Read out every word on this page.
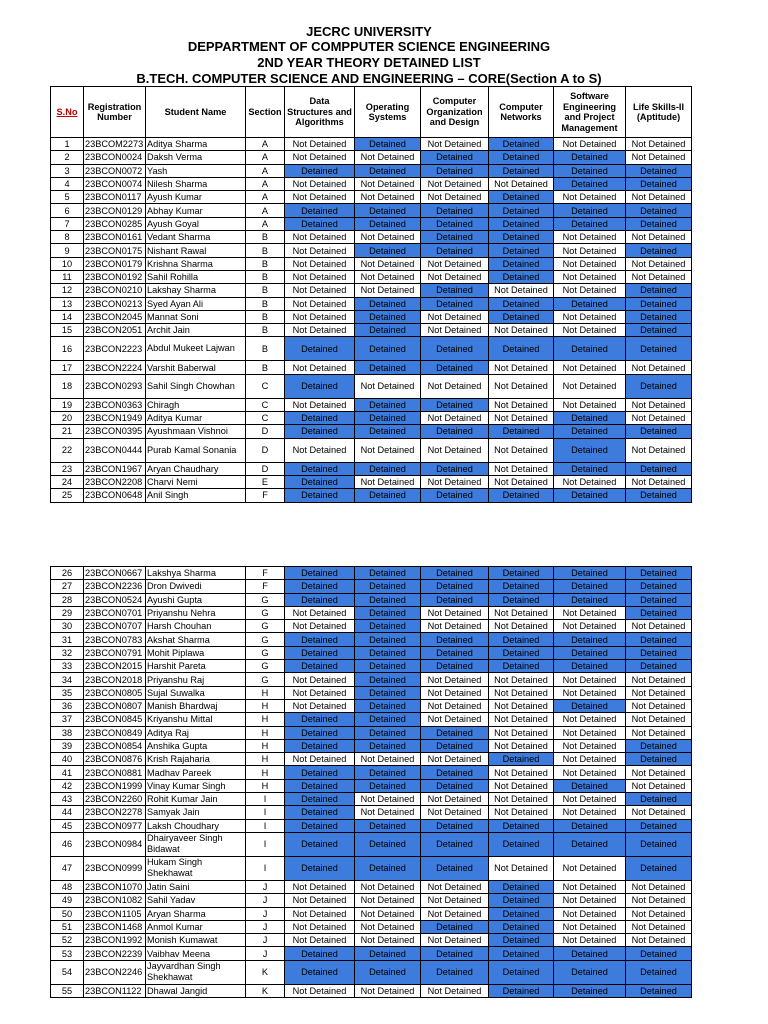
JECRC UNIVERSITY
DEPPARTMENT OF COMPPUTER SCIENCE ENGINEERING
2ND YEAR THEORY DETAINED LIST
B.TECH. COMPUTER SCIENCE AND ENGINEERING – CORE(Section A to S)
S.No	Registration Number	Student Name	Section	Data Structures and Algorithms	Operating Systems	Computer Organization and Design	Computer Networks	Software Engineering and Project Management	Life Skills-II (Aptitude)
1	23BCOM2273	Aditya Sharma	A	Not Detained	Detained	Not Detained	Detained	Not Detained	Not Detained
2	23BCON0024	Daksh Verma	A	Not Detained	Not Detained	Detained	Detained	Detained	Not Detained
3	23BCON0072	Yash	A	Detained	Detained	Detained	Detained	Detained	Detained
4	23BCON0074	Nilesh Sharma	A	Not Detained	Not Detained	Not Detained	Not Detained	Detained	Detained
5	23BCON0117	Ayush Kumar	A	Not Detained	Not Detained	Not Detained	Detained	Not Detained	Not Detained
6	23BCON0129	Abhay Kumar	A	Detained	Detained	Detained	Detained	Detained	Detained
7	23BCON0285	Ayush Goyal	A	Detained	Detained	Detained	Detained	Detained	Detained
8	23BCON0161	Vedant Sharma	B	Not Detained	Not Detained	Detained	Detained	Not Detained	Not Detained
9	23BCON0175	Nishant Rawal	B	Not Detained	Detained	Detained	Detained	Not Detained	Detained
10	23BCON0179	Krishna Sharma	B	Not Detained	Not Detained	Not Detained	Detained	Not Detained	Not Detained
11	23BCON0192	Sahil Rohilla	B	Not Detained	Not Detained	Not Detained	Detained	Not Detained	Not Detained
12	23BCON0210	Lakshay Sharma	B	Not Detained	Not Detained	Detained	Not Detained	Not Detained	Detained
13	23BCON0213	Syed Ayan Ali	B	Not Detained	Detained	Detained	Detained	Detained	Detained
14	23BCON2045	Mannat Soni	B	Not Detained	Detained	Not Detained	Detained	Not Detained	Detained
15	23BCON2051	Archit Jain	B	Not Detained	Detained	Not Detained	Not Detained	Not Detained	Detained
16	23BCON2223	Abdul Mukeet Lajwan	B	Detained	Detained	Detained	Detained	Detained	Detained
17	23BCON2224	Varshit Baberwal	B	Not Detained	Detained	Detained	Not Detained	Not Detained	Not Detained
18	23BCON0293	Sahil Singh Chowhan	C	Detained	Not Detained	Not Detained	Not Detained	Not Detained	Detained
19	23BCON0363	Chiragh	C	Not Detained	Detained	Detained	Not Detained	Not Detained	Not Detained
20	23BCON1949	Aditya Kumar	C	Detained	Detained	Not Detained	Not Detained	Detained	Not Detained
21	23BCON0395	Ayushmaan Vishnoi	D	Detained	Detained	Detained	Detained	Detained	Detained
22	23BCON0444	Purab Kamal Sonania	D	Not Detained	Not Detained	Not Detained	Not Detained	Detained	Not Detained
23	23BCON1967	Aryan Chaudhary	D	Detained	Detained	Detained	Not Detained	Detained	Detained
24	23BCON2208	Charvi Nemi	E	Detained	Not Detained	Not Detained	Not Detained	Not Detained	Not Detained
25	23BCON0648	Anil Singh	F	Detained	Detained	Detained	Detained	Detained	Detained
26	23BCON0667	Lakshya Sharma	F	Detained	Detained	Detained	Detained	Detained	Detained
27	23BCON2236	Dron Dwivedi	F	Detained	Detained	Detained	Detained	Detained	Detained
28	23BCON0524	Ayushi Gupta	G	Detained	Detained	Detained	Detained	Detained	Detained
29	23BCON0701	Priyanshu Nehra	G	Not Detained	Detained	Not Detained	Not Detained	Not Detained	Detained
30	23BCON0707	Harsh Chouhan	G	Not Detained	Detained	Not Detained	Not Detained	Not Detained	Not Detained
31	23BCON0783	Akshat Sharma	G	Detained	Detained	Detained	Detained	Detained	Detained
32	23BCON0791	Mohit Piplawa	G	Detained	Detained	Detained	Detained	Detained	Detained
33	23BCON2015	Harshit Pareta	G	Detained	Detained	Detained	Detained	Detained	Detained
34	23BCON2018	Priyanshu Raj	G	Not Detained	Detained	Not Detained	Not Detained	Not Detained	Not Detained
35	23BCON0805	Sujal Suwalka	H	Not Detained	Detained	Not Detained	Not Detained	Not Detained	Not Detained
36	23BCON0807	Manish Bhardwaj	H	Not Detained	Detained	Not Detained	Not Detained	Detained	Not Detained
37	23BCON0845	Kriyanshu Mittal	H	Detained	Detained	Not Detained	Not Detained	Not Detained	Not Detained
38	23BCON0849	Aditya Raj	H	Detained	Detained	Detained	Not Detained	Not Detained	Not Detained
39	23BCON0854	Anshika Gupta	H	Detained	Detained	Detained	Not Detained	Not Detained	Detained
40	23BCON0876	Krish Rajaharia	H	Not Detained	Not Detained	Not Detained	Detained	Not Detained	Detained
41	23BCON0881	Madhav Pareek	H	Detained	Detained	Detained	Not Detained	Not Detained	Not Detained
42	23BCON1999	Vinay Kumar Singh	H	Detained	Detained	Detained	Not Detained	Detained	Not Detained
43	23BCON2260	Rohit Kumar Jain	I	Detained	Not Detained	Not Detained	Not Detained	Not Detained	Detained
44	23BCON2278	Samyak Jain	I	Detained	Not Detained	Not Detained	Not Detained	Not Detained	Not Detained
45	23BCON0977	Laksh Choudhary	I	Detained	Detained	Detained	Detained	Detained	Detained
46	23BCON0984	Dhairyaveer Singh Bidawat	I	Detained	Detained	Detained	Detained	Detained	Detained
47	23BCON0999	Hukam Singh Shekhawat	I	Detained	Detained	Detained	Not Detained	Not Detained	Detained
48	23BCON1070	Jatin Saini	J	Not Detained	Not Detained	Not Detained	Detained	Not Detained	Not Detained
49	23BCON1082	Sahil Yadav	J	Not Detained	Not Detained	Not Detained	Detained	Not Detained	Not Detained
50	23BCON1105	Aryan Sharma	J	Not Detained	Not Detained	Not Detained	Detained	Not Detained	Not Detained
51	23BCON1468	Anmol Kumar	J	Not Detained	Not Detained	Detained	Detained	Not Detained	Not Detained
52	23BCON1992	Monish Kumawat	J	Not Detained	Not Detained	Not Detained	Detained	Not Detained	Not Detained
53	23BCON2239	Vaibhav Meena	J	Detained	Detained	Detained	Detained	Detained	Detained
54	23BCON2246	Jayvardhan Singh Shekhawat	K	Detained	Detained	Detained	Detained	Detained	Detained
55	23BCON1122	Dhawal Jangid	K	Not Detained	Not Detained	Not Detained	Detained	Detained	Detained
